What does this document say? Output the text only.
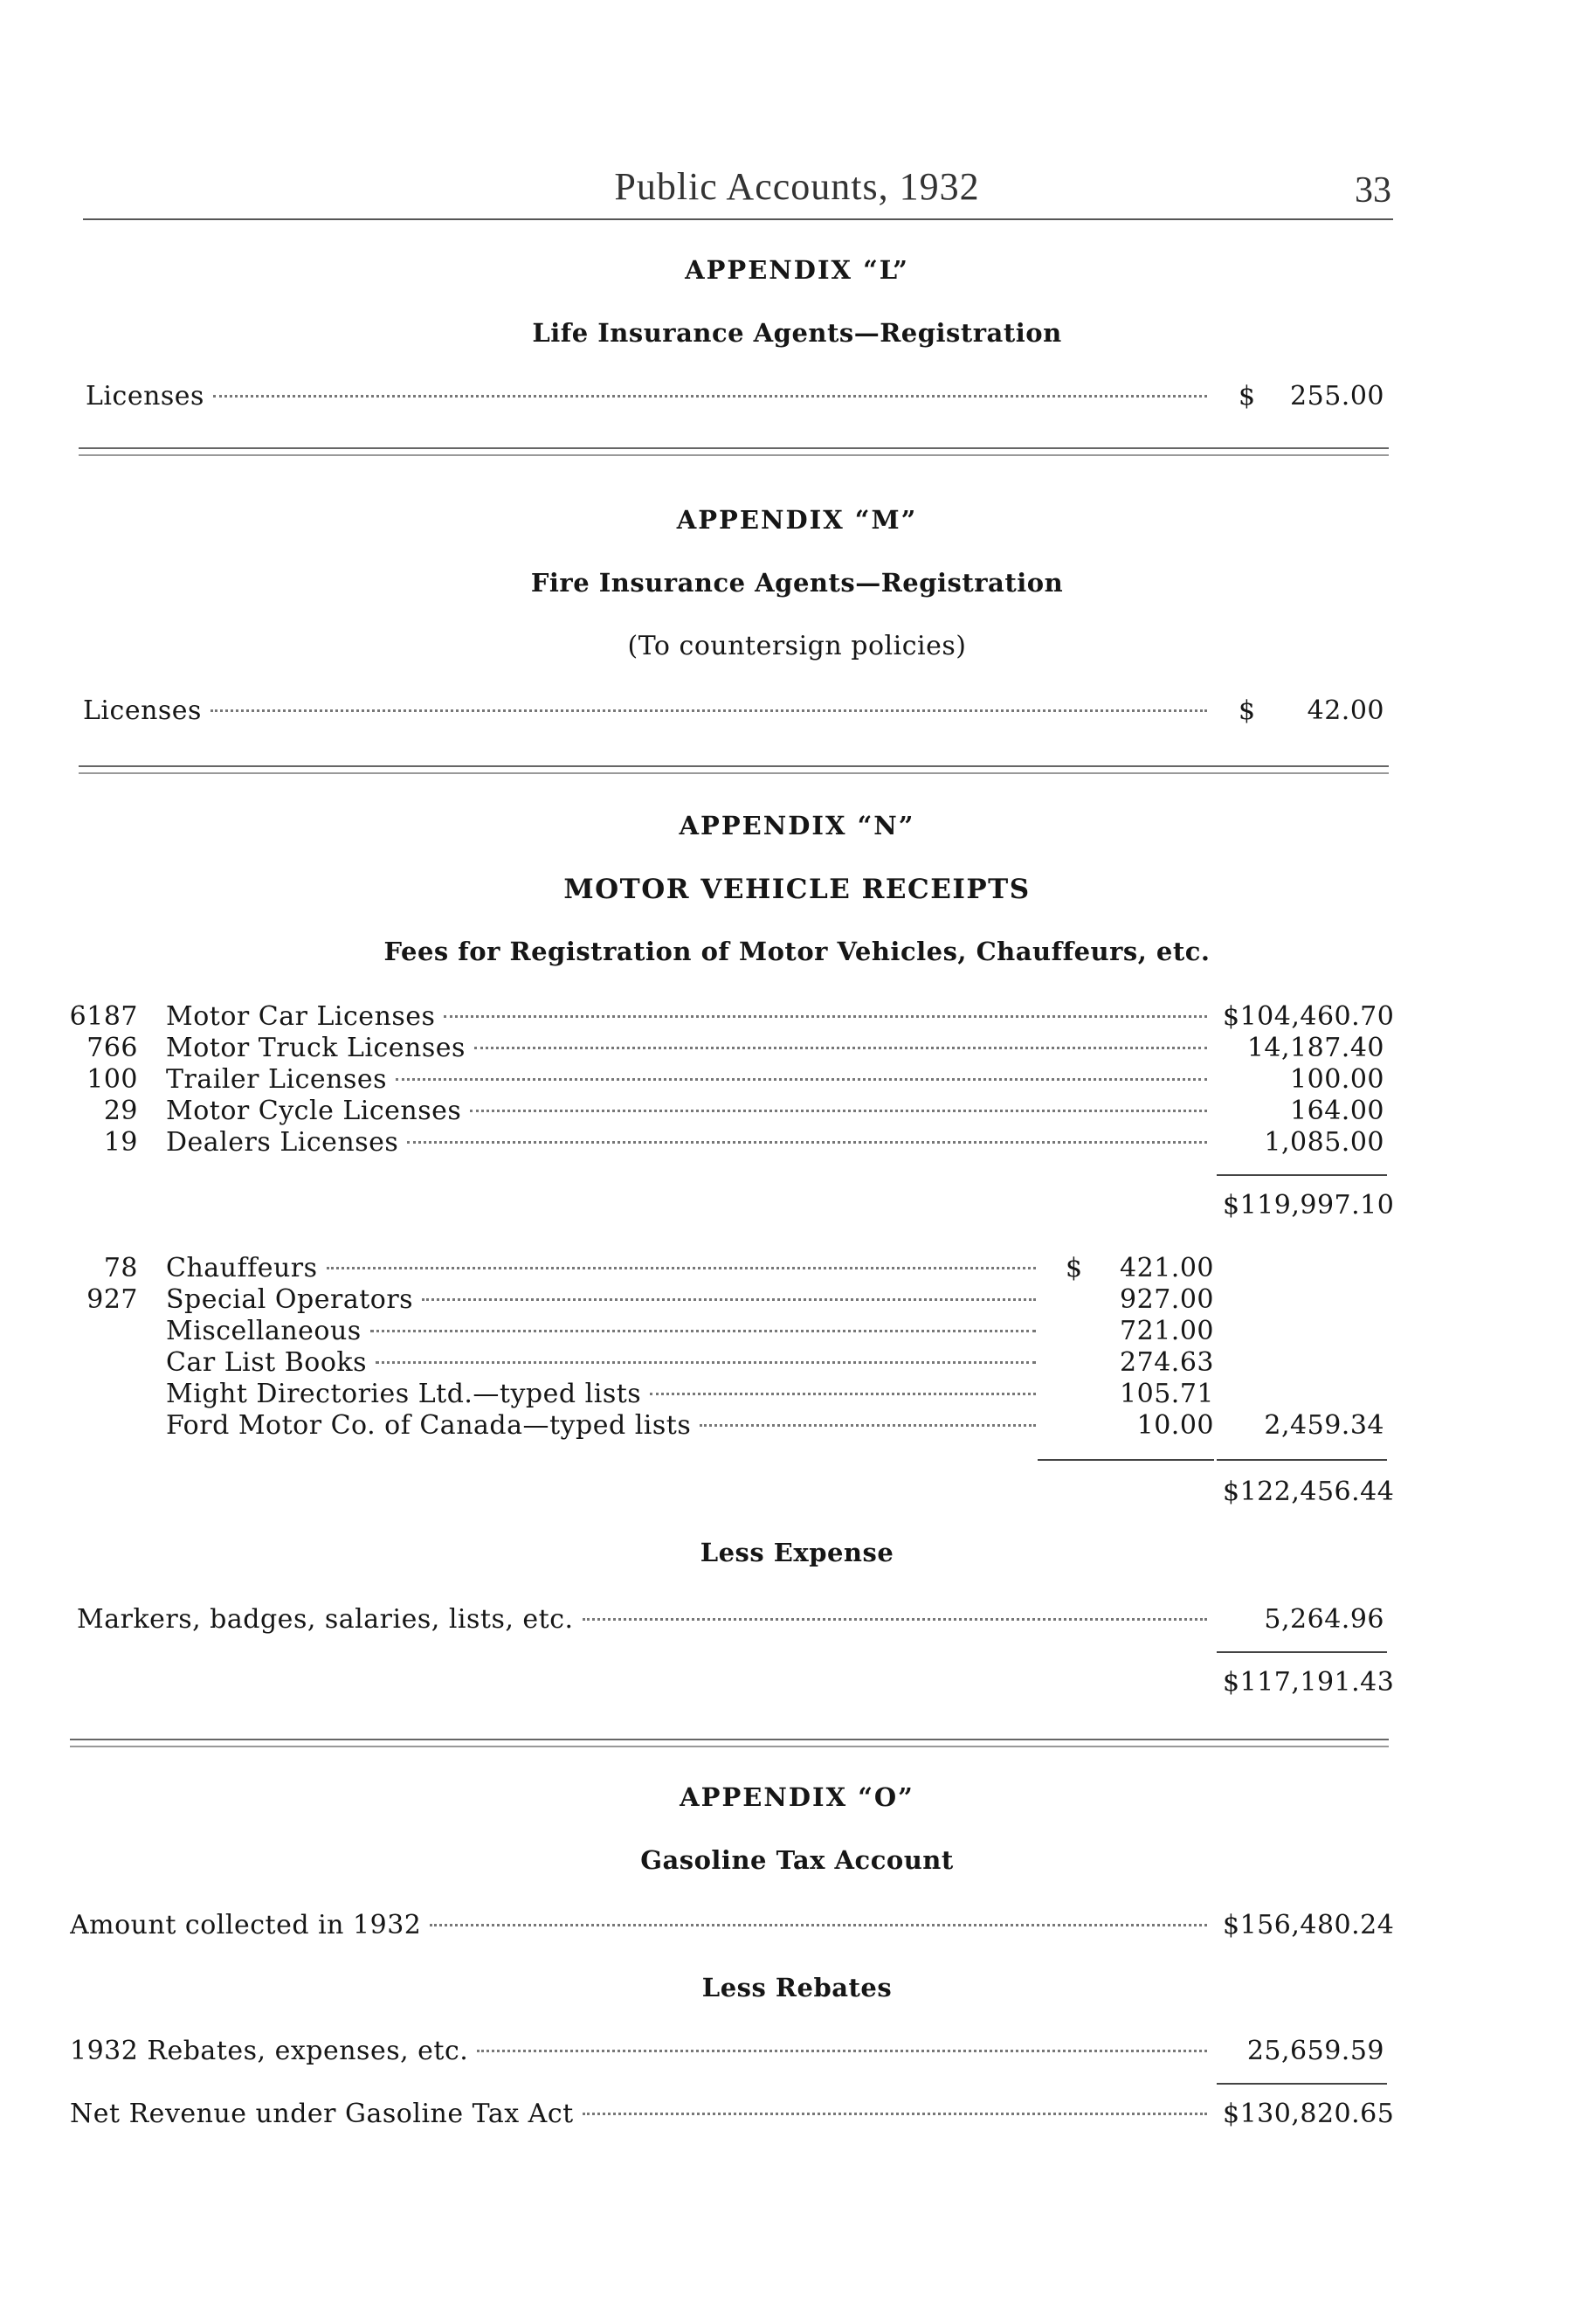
Public Accounts, 1932	33
APPENDIX “L”
Life Insurance Agents—Registration
Licenses	$	255.00
APPENDIX “M”
Fire Insurance Agents—Registration
(To countersign policies)
Licenses	$	42.00
APPENDIX “N”
MOTOR VEHICLE RECEIPTS
Fees for Registration of Motor Vehicles, Chauffeurs, etc.
6187 Motor Car Licenses	$104,460.70
766 Motor Truck Licenses	14,187.40
100 Trailer Licenses	100.00
29 Motor Cycle Licenses	164.00
19 Dealers Licenses	1,085.00
$119,997.10
78 Chauffeurs	$	421.00
927 Special Operators	927.00
Miscellaneous	721.00
Car List Books	274.63
Might Directories Ltd.—typed lists	105.71
Ford Motor Co. of Canada—typed lists	10.00	2,459.34
$122,456.44
Less Expense
Markers, badges, salaries, lists, etc.	5,264.96
$117,191.43
APPENDIX “O”
Gasoline Tax Account
Amount collected in 1932	$156,480.24
Less Rebates
1932 Rebates, expenses, etc.	25,659.59
Net Revenue under Gasoline Tax Act	$130,820.65
